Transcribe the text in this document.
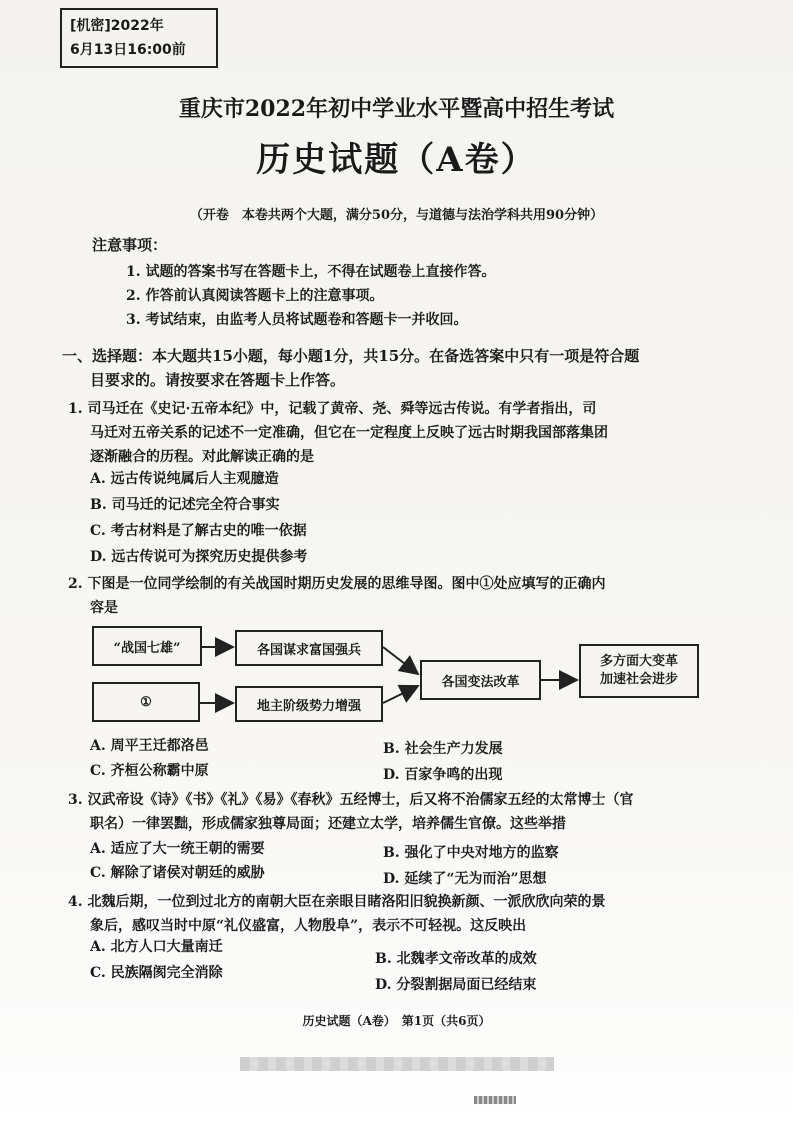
[机密]2022年
6月13日16:00前
重庆市2022年初中学业水平暨高中招生考试
历史试题（A卷）
（开卷　本卷共两个大题，满分50分，与道德与法治学科共用90分钟）
注意事项：
1. 试题的答案书写在答题卡上，不得在试题卷上直接作答。
2. 作答前认真阅读答题卡上的注意事项。
3. 考试结束，由监考人员将试题卷和答题卡一并收回。
一、选择题：本大题共15小题，每小题1分，共15分。在备选答案中只有一项是符合题
目要求的。请按要求在答题卡上作答。
1. 司马迁在《史记·五帝本纪》中，记载了黄帝、尧、舜等远古传说。有学者指出，司
马迁对五帝关系的记述不一定准确，但它在一定程度上反映了远古时期我国部落集团
逐渐融合的历程。对此解读正确的是
A. 远古传说纯属后人主观臆造
B. 司马迁的记述完全符合事实
C. 考古材料是了解古史的唯一依据
D. 远古传说可为探究历史提供参考
2. 下图是一位同学绘制的有关战国时期历史发展的思维导图。图中①处应填写的正确内
容是
“战国七雄”
①
各国谋求富国强兵
地主阶级势力增强
各国变法改革
多方面大变革
加速社会进步
A. 周平王迁都洛邑	B. 社会生产力发展
C. 齐桓公称霸中原	D. 百家争鸣的出现
3. 汉武帝设《诗》《书》《礼》《易》《春秋》五经博士，后又将不治儒家五经的太常博士（官
职名）一律罢黜，形成儒家独尊局面；还建立太学，培养儒生官僚。这些举措
A. 适应了大一统王朝的需要	B. 强化了中央对地方的监察
C. 解除了诸侯对朝廷的威胁	D. 延续了“无为而治”思想
4. 北魏后期，一位到过北方的南朝大臣在亲眼目睹洛阳旧貌换新颜、一派欣欣向荣的景
象后，感叹当时中原“礼仪盛富，人物殷阜”，表示不可轻视。这反映出
A. 北方人口大量南迁
B. 北魏孝文帝改革的成效
C. 民族隔阂完全消除
D. 分裂割据局面已经结束
历史试题（A卷）　第1页（共6页）
